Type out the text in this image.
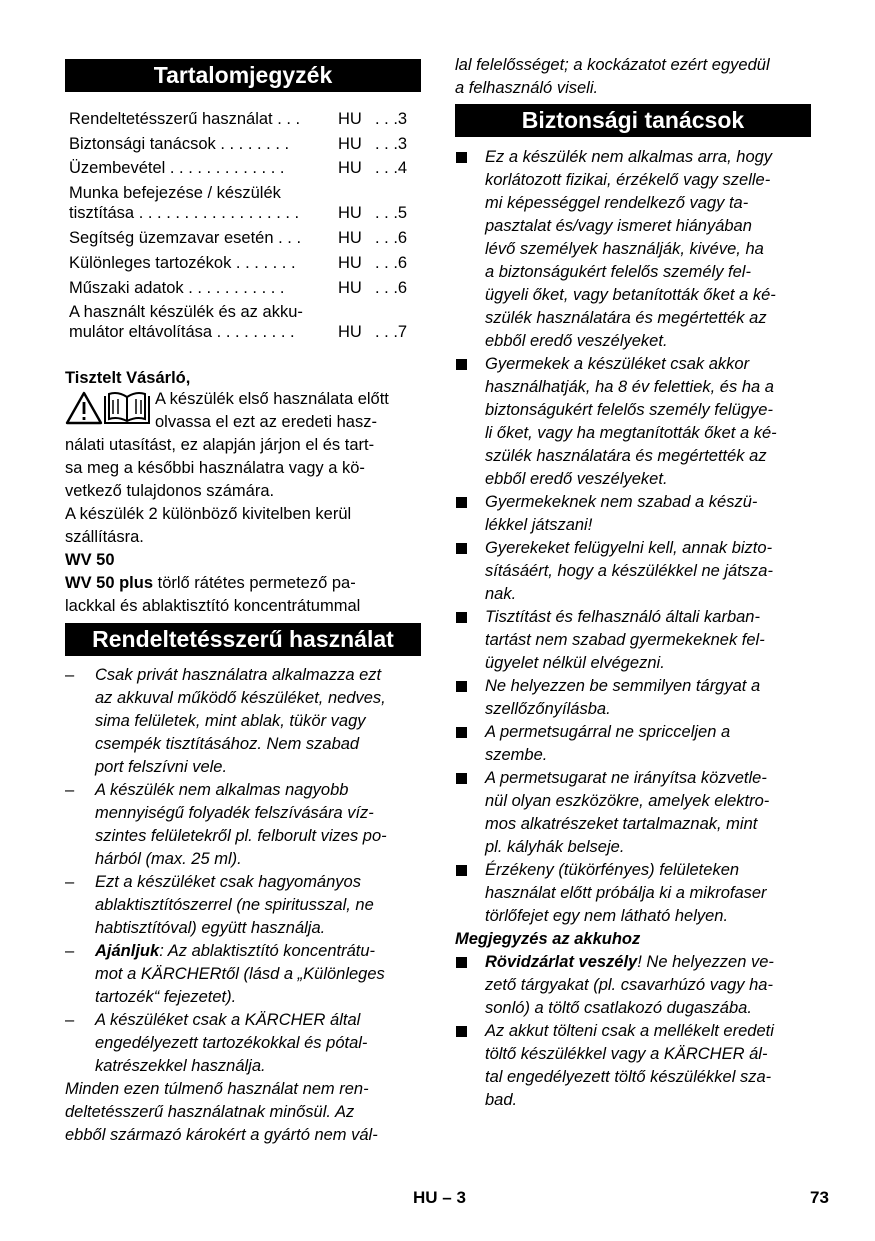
Tartalomjegyzék
Rendeltetésszerű használat . . . HU . . .3
Biztonsági tanácsok . . . . . . . .	HU . . .3
Üzembevétel . . . . . . . . . . . . .	HU . . .4
Munka befejezése / készülék
tisztítása . . . . . . . . . . . . . . . . . . HU . . .5
Segítség üzemzavar esetén . . . HU . . .6
Különleges tartozékok . . . . . . .	HU . . .6
Műszaki adatok . . . . . . . . . . .	HU . . .6
A használt készülék és az akku-
mulátor eltávolítása . . . . . . . . .	HU . . .7
Tisztelt Vásárló,
A készülék első használata előtt
olvassa el ezt az eredeti hasz-
nálati utasítást, ez alapján járjon el és tart-
sa meg a későbbi használatra vagy a kö-
vetkező tulajdonos számára.
A készülék 2 különböző kivitelben kerül
szállításra.
WV 50
WV 50 plus törlő rátétes permetező pa-
lackkal és ablaktisztító koncentrátummal
Rendeltetésszerű használat
– Csak privát használatra alkalmazza ezt
az akkuval működő készüléket, nedves,
sima felületek, mint ablak, tükör vagy
csempék tisztításához. Nem szabad
port felszívni vele.
– A készülék nem alkalmas nagyobb
mennyiségű folyadék felszívására víz-
szintes felületekről pl. felborult vizes po-
hárból (max. 25 ml).
– Ezt a készüléket csak hagyományos
ablaktisztítószerrel (ne spiritusszal, ne
habtisztítóval) együtt használja.
– Ajánljuk: Az ablaktisztító koncentrátu-
mot a KÄRCHERtől (lásd a „Különleges
tartozék“ fejezetet).
– A készüléket csak a KÄRCHER által
engedélyezett tartozékokkal és pótal-
katrészekkel használja.
Minden ezen túlmenő használat nem ren-
deltetésszerű használatnak minősül. Az
ebből származó károkért a gyártó nem vál-
lal felelősséget; a kockázatot ezért egyedül
a felhasználó viseli.
Biztonsági tanácsok
Ez a készülék nem alkalmas arra, hogy
korlátozott fizikai, érzékelő vagy szelle-
mi képességgel rendelkező vagy ta-
pasztalat és/vagy ismeret hiányában
lévő személyek használják, kivéve, ha
a biztonságukért felelős személy fel-
ügyeli őket, vagy betanították őket a ké-
szülék használatára és megértették az
ebből eredő veszélyeket.
Gyermekek a készüléket csak akkor
használhatják, ha 8 év felettiek, és ha a
biztonságukért felelős személy felügye-
li őket, vagy ha megtanították őket a ké-
szülék használatára és megértették az
ebből eredő veszélyeket.
Gyermekeknek nem szabad a készü-
lékkel játszani!
Gyerekeket felügyelni kell, annak bizto-
sításáért, hogy a készülékkel ne játsza-
nak.
Tisztítást és felhasználó általi karban-
tartást nem szabad gyermekeknek fel-
ügyelet nélkül elvégezni.
Ne helyezzen be semmilyen tárgyat a
szellőzőnyílásba.
A permetsugárral ne spricceljen a
szembe.
A permetsugarat ne irányítsa közvetle-
nül olyan eszközökre, amelyek elektro-
mos alkatrészeket tartalmaznak, mint
pl. kályhák belseje.
Érzékeny (tükörfényes) felületeken
használat előtt próbálja ki a mikrofaser
törlőfejet egy nem látható helyen.
Megjegyzés az akkuhoz
Rövidzárlat veszély! Ne helyezzen ve-
zető tárgyakat (pl. csavarhúzó vagy ha-
sonló) a töltő csatlakozó dugaszába.
Az akkut tölteni csak a mellékelt eredeti
töltő készülékkel vagy a KÄRCHER ál-
tal engedélyezett töltő készülékkel sza-
bad.
HU – 3	73
